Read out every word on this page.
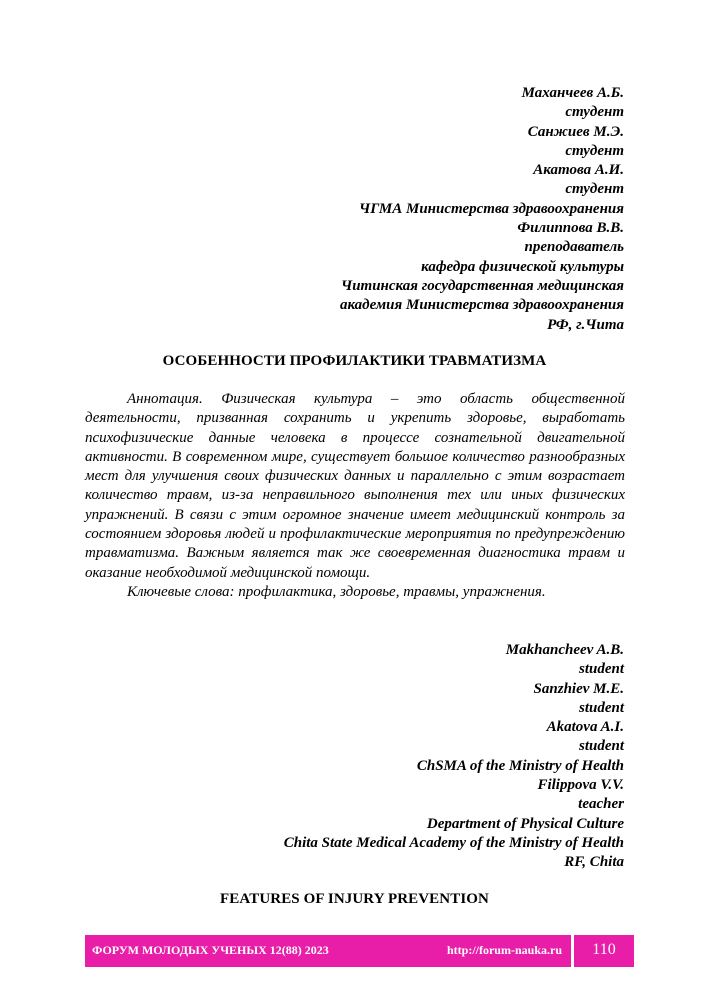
Маханчеев А.Б.
студент
Санжиев М.Э.
студент
Акатова А.И.
студент
ЧГМА Министерства здравоохранения
Филиппова В.В.
преподаватель
кафедра физической культуры
Читинская государственная медицинская
академия Министерства здравоохранения
РФ, г.Чита
ОСОБЕННОСТИ ПРОФИЛАКТИКИ ТРАВМАТИЗМА

Аннотация. Физическая культура – это область общественной деятельности, призванная сохранить и укрепить здоровье, выработать психофизические данные человека в процессе сознательной двигательной активности. В современном мире, существует большое количество разнообразных мест для улучшения своих физических данных и параллельно с этим возрастает количество травм, из-за неправильного выполнения тех или иных физических упражнений. В связи с этим огромное значение имеет медицинский контроль за состоянием здоровья людей и профилактические мероприятия по предупреждению травматизма. Важным является так же своевременная диагностика травм и оказание необходимой медицинской помощи.

Ключевые слова: профилактика, здоровье, травмы, упражнения.

Makhancheev A.B.
student
Sanzhiev M.E.
student
Akatova A.I.
student
ChSMA of the Ministry of Health
Filippova V.V.
teacher
Department of Physical Culture
Chita State Medical Academy of the Ministry of Health
RF, Chita
FEATURES OF INJURY PREVENTION
ФОРУМ МОЛОДЫХ УЧЕНЫХ 12(88) 2023	http://forum-nauka.ru	110
